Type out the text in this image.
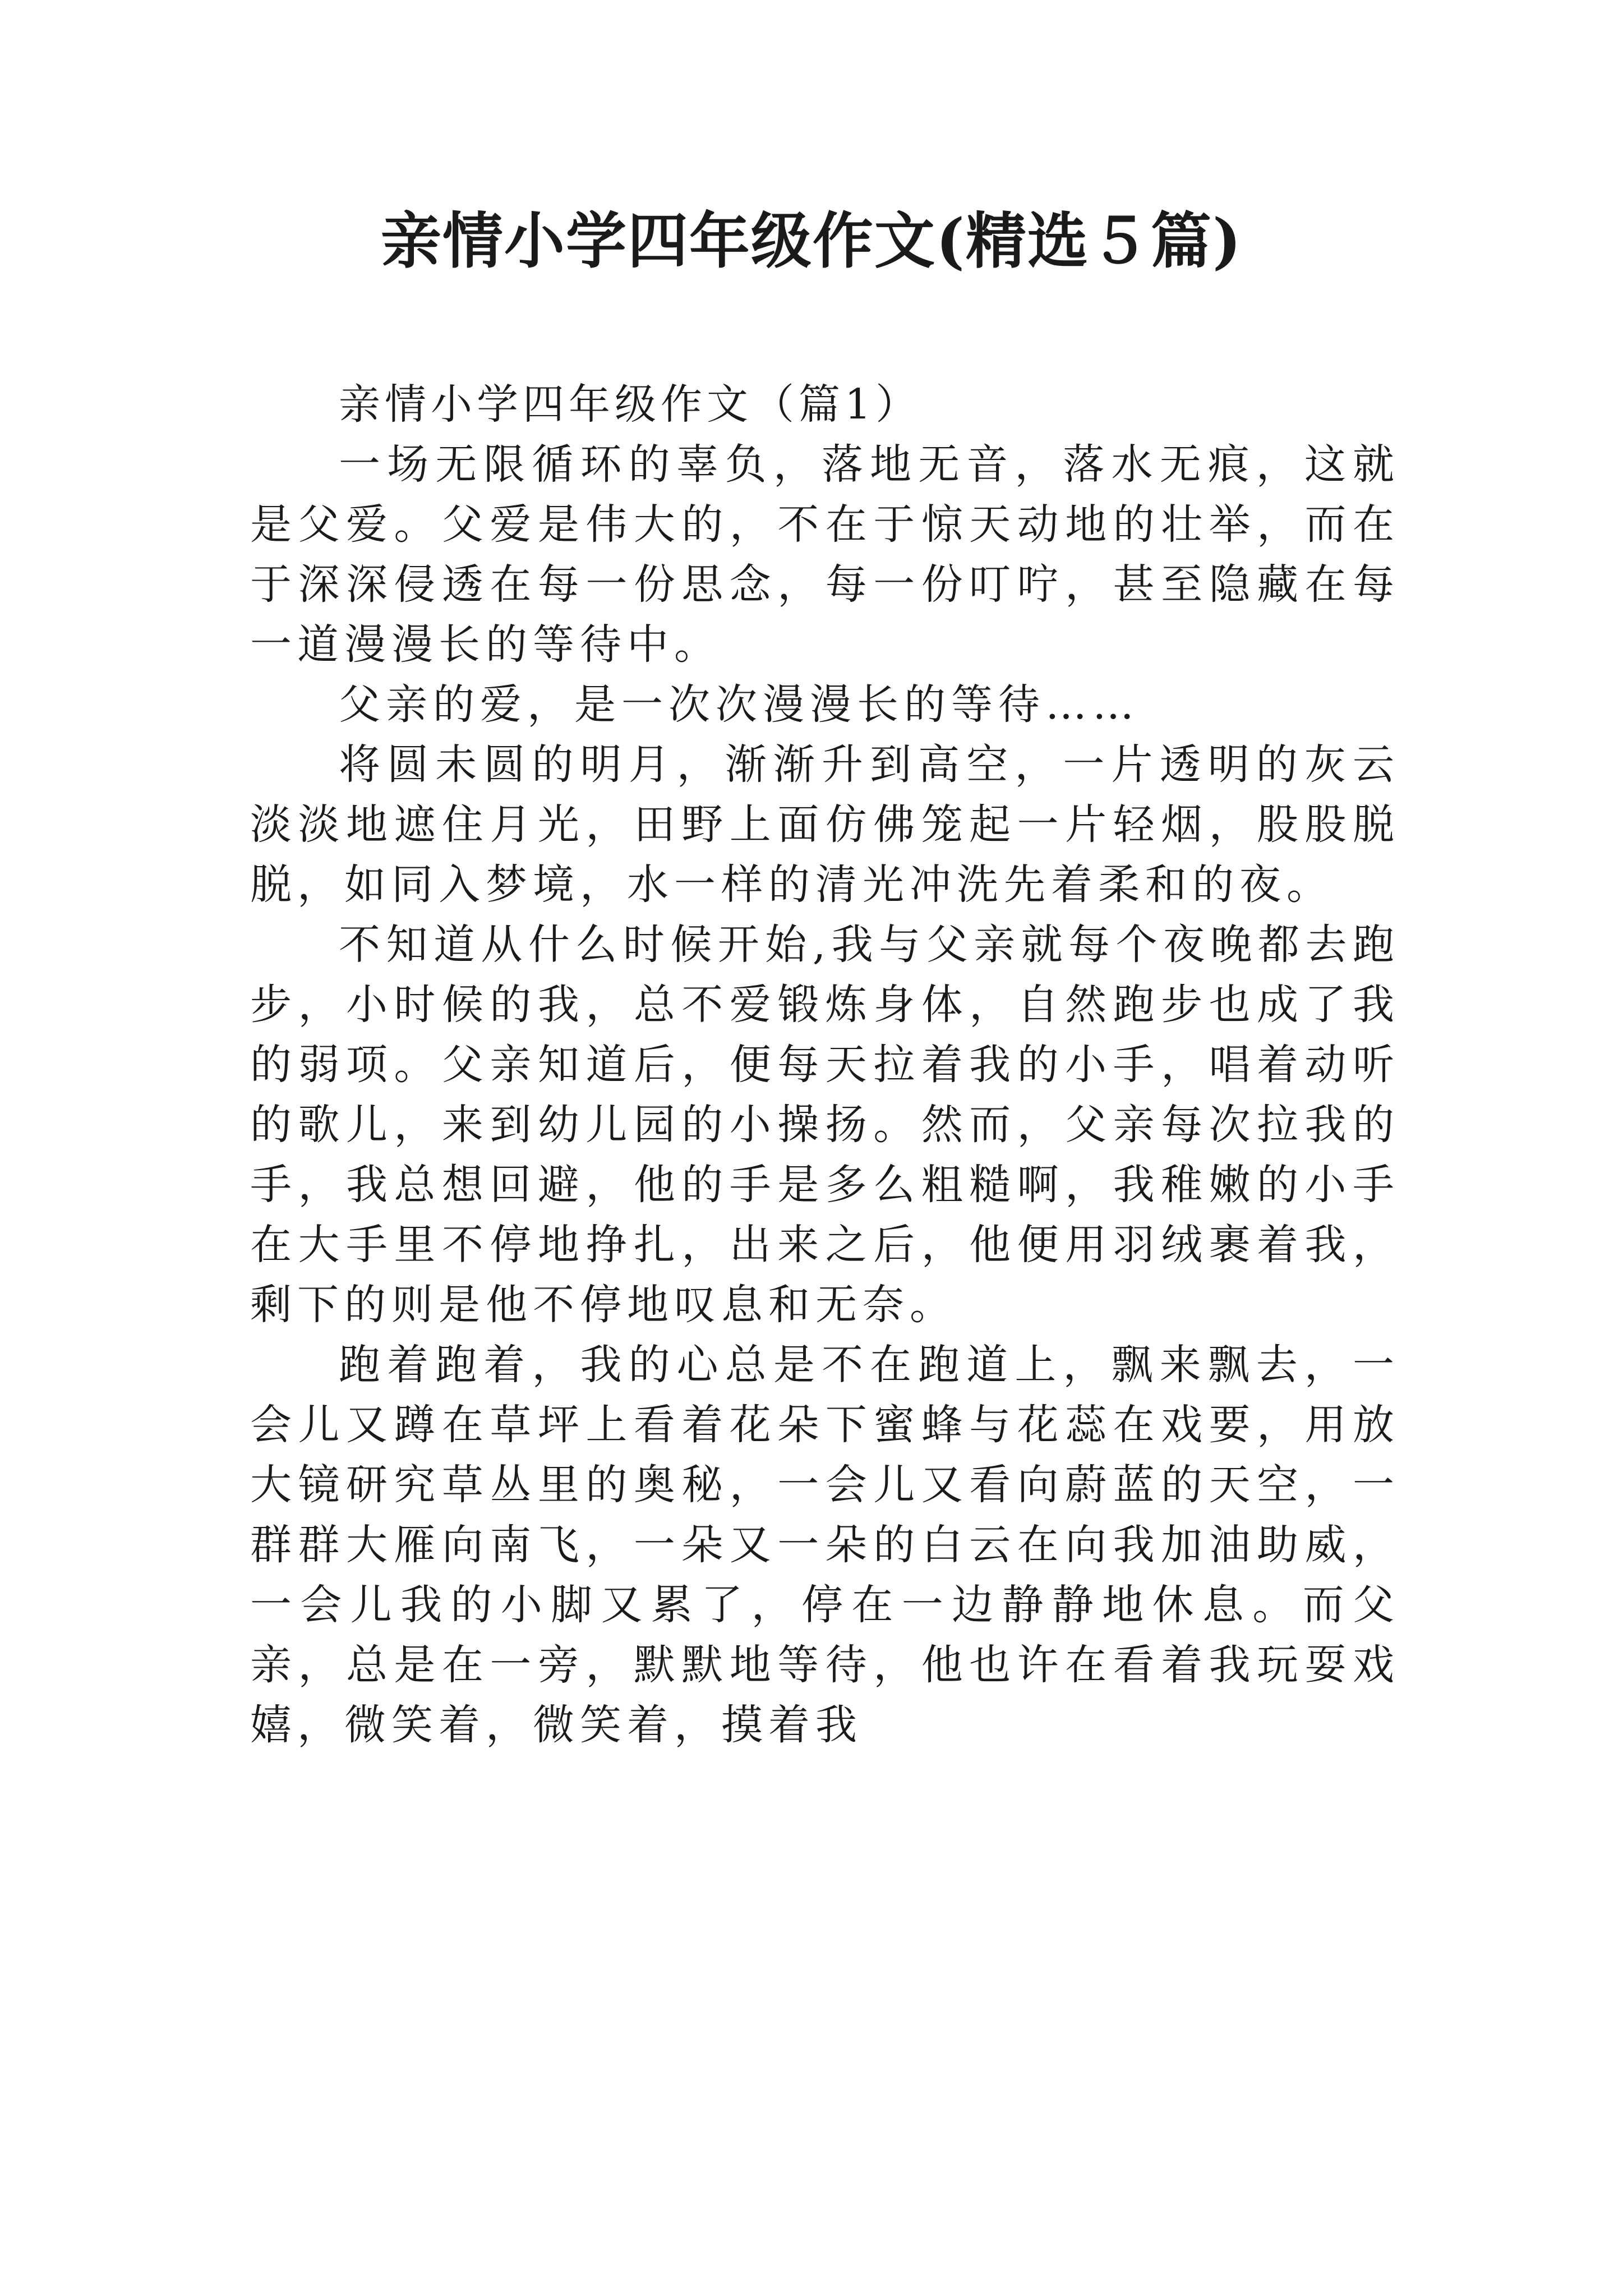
亲情小学四年级作文(精选５篇)

亲情小学四年级作文（篇1）

一场无限循环的辜负，落地无音，落水无痕，这就是父爱。父爱是伟大的，不在于惊天动地的壮举，而在于深深侵透在每一份思念，每一份叮咛，甚至隐藏在每一道漫漫长的等待中。

父亲的爱，是一次次漫漫长的等待……

将圆未圆的明月，渐渐升到高空，一片透明的灰云淡淡地遮住月光，田野上面仿佛笼起一片轻烟，股股脱脱，如同入梦境，水一样的清光冲洗先着柔和的夜。

不知道从什么时候开始,我与父亲就每个夜晚都去跑步，小时候的我，总不爱锻炼身体，自然跑步也成了我的弱项。父亲知道后，便每天拉着我的小手，唱着动听的歌儿，来到幼儿园的小操扬。然而，父亲每次拉我的手，我总想回避，他的手是多么粗糙啊，我稚嫩的小手在大手里不停地挣扎，出来之后，他便用羽绒裹着我，剩下的则是他不停地叹息和无奈。

跑着跑着，我的心总是不在跑道上，飘来飘去，一会儿又蹲在草坪上看着花朵下蜜蜂与花蕊在戏要，用放大镜研究草丛里的奥秘，一会儿又看向蔚蓝的天空，一群群大雁向南飞，一朵又一朵的白云在向我加油助威，一会儿我的小脚又累了，停在一边静静地休息。而父亲，总是在一旁，默默地等待，他也许在看着我玩耍戏嬉，微笑着，微笑着，摸着我
